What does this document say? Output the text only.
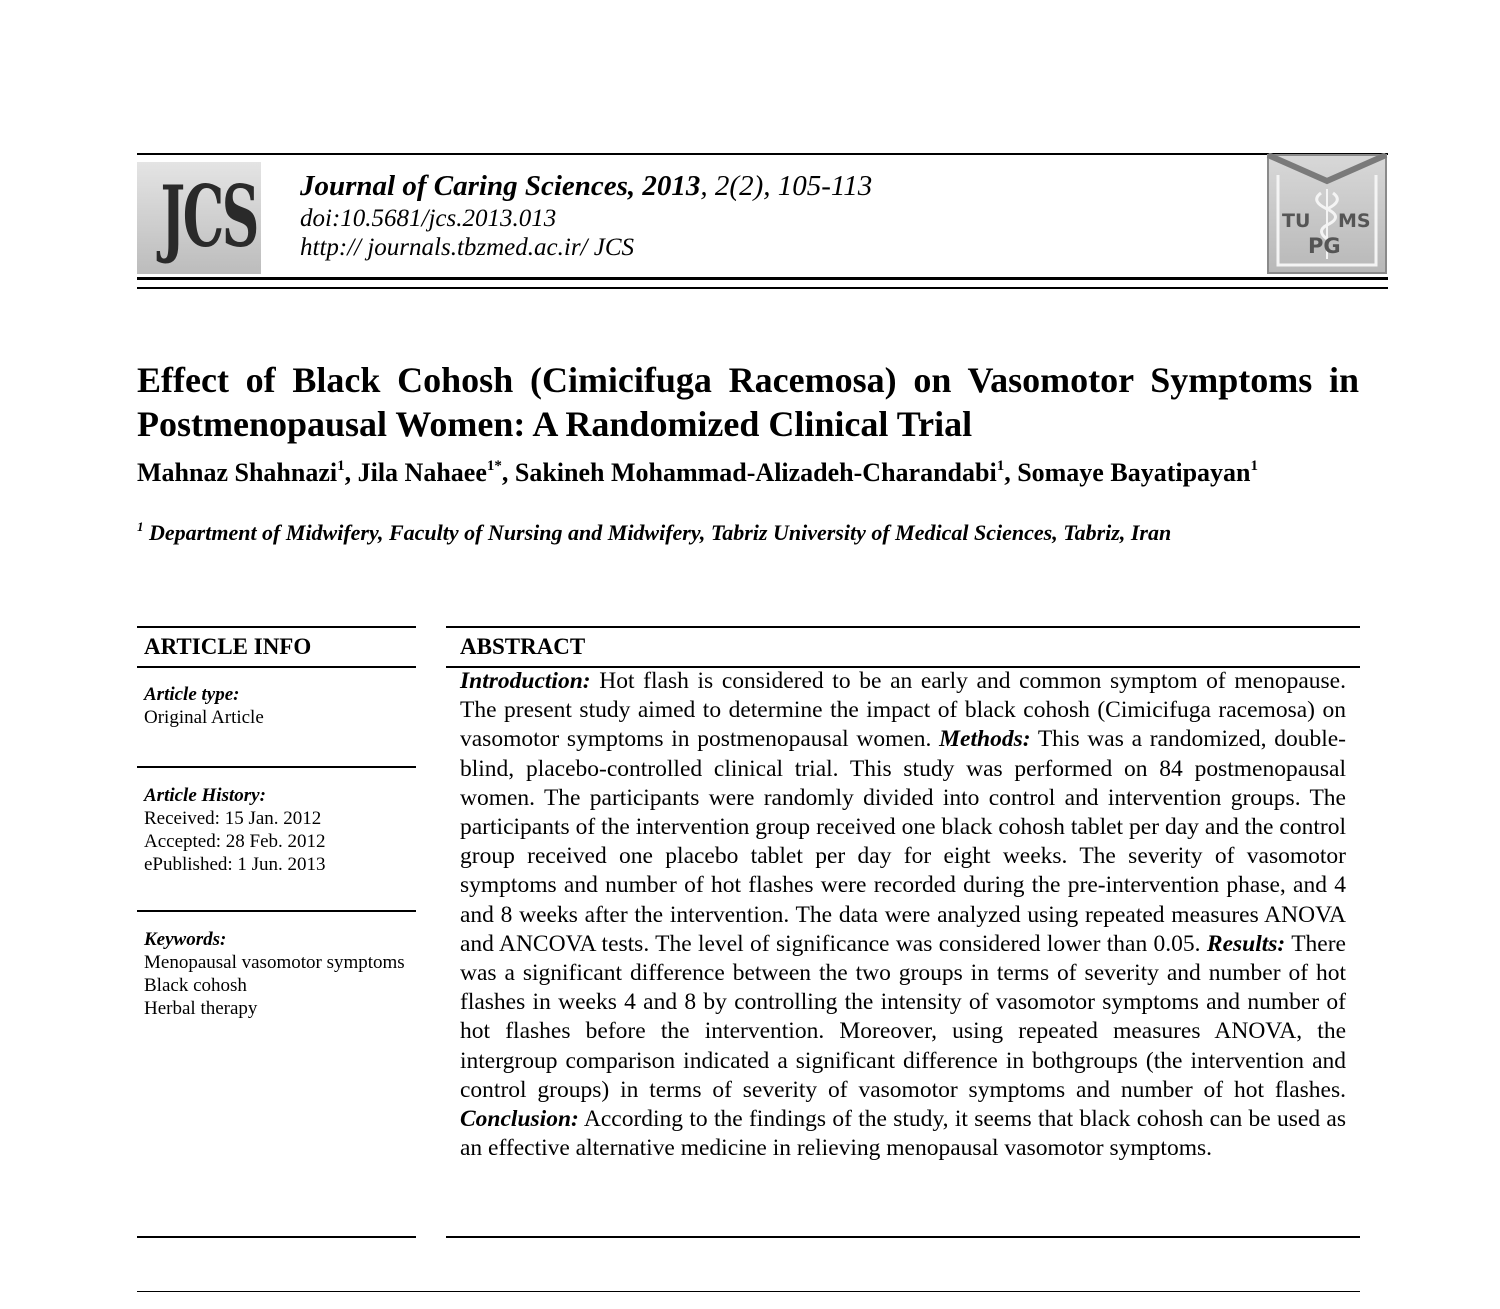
JCS Journal of Caring Sciences, 2013, 2(2), 105-113
doi:10.5681/jcs.2013.013
http:// journals.tbzmed.ac.ir/ JCS
TU MS
PG
Effect of Black Cohosh (Cimicifuga Racemosa) on Vasomotor Symptoms in Postmenopausal Women: A Randomized Clinical Trial
Mahnaz Shahnazi$^1$, Jila Nahaee$^{1*}$, Sakineh Mohammad-Alizadeh-Charandabi$^1$, Somaye Bayatipayan$^1$
$^1$ Department of Midwifery, Faculty of Nursing and Midwifery, Tabriz University of Medical Sciences, Tabriz, Iran
ARTICLE INFO
Article type:
Original Article
Article History:
Received: 15 Jan. 2012
Accepted: 28 Feb. 2012
ePublished: 1 Jun. 2013
Keywords:
Menopausal vasomotor symptoms
Black cohosh
Herbal therapy
ABSTRACT
Introduction: Hot flash is considered to be an early and common symptom of menopause. The present study aimed to determine the impact of black cohosh (Cimicifuga racemosa) on vasomotor symptoms in postmenopausal women. Methods: This was a randomized, double-blind, placebo-controlled clinical trial. This study was performed on 84 postmenopausal women. The participants were randomly divided into control and intervention groups. The participants of the intervention group received one black cohosh tablet per day and the control group received one placebo tablet per day for eight weeks. The severity of vasomotor symptoms and number of hot flashes were recorded during the pre-intervention phase, and 4 and 8 weeks after the intervention. The data were analyzed using repeated measures ANOVA and ANCOVA tests. The level of significance was considered lower than 0.05. Results: There was a significant difference between the two groups in terms of severity and number of hot flashes in weeks 4 and 8 by controlling the intensity of vasomotor symptoms and number of hot flashes before the intervention. Moreover, using repeated measures ANOVA, the intergroup comparison indicated a significant difference in bothgroups (the intervention and control groups) in terms of severity of vasomotor symptoms and number of hot flashes. Conclusion: According to the findings of the study, it seems that black cohosh can be used as an effective alternative medicine in relieving menopausal vasomotor symptoms.
